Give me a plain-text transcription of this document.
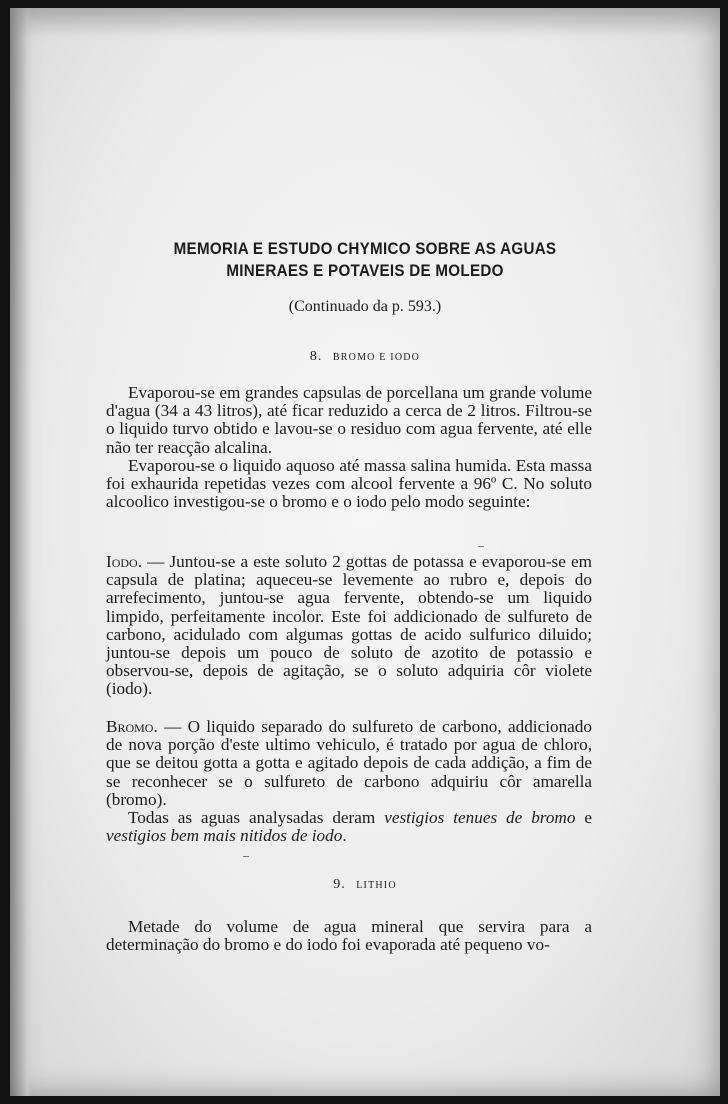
MEMORIA E ESTUDO CHYMICO SOBRE AS AGUAS
MINERAES E POTAVEIS DE MOLEDO
(Continuado da p. 593.)
8. BROMO E IODO

Evaporou-se em grandes capsulas de porcellana um grande volume d'agua (34 a 43 litros), até ficar reduzido a cerca de 2 litros. Filtrou-se o liquido turvo obtido e lavou-se o residuo com agua fervente, até elle não ter reacção alcalina.

Evaporou-se o liquido aquoso até massa salina humida. Esta massa foi exhaurida repetidas vezes com alcool fervente a 96º C. No soluto alcoolico investigou-se o bromo e o iodo pelo modo seguinte:

Iodo. — Juntou-se a este soluto 2 gottas de potassa e evaporou-se em capsula de platina; aqueceu-se levemente ao rubro e, depois do arrefecimento, juntou-se agua fervente, obtendo-se um liquido limpido, perfeitamente incolor. Este foi addicionado de sulfureto de carbono, acidulado com algumas gottas de acido sulfurico diluido; juntou-se depois um pouco de soluto de azotito de potassio e observou-se, depois de agitação, se o soluto adquiria côr violete (iodo).

Bromo. — O liquido separado do sulfureto de carbono, addicionado de nova porção d'este ultimo vehiculo, é tratado por agua de chloro, que se deitou gotta a gotta e agitado depois de cada addição, a fim de se reconhecer se o sulfureto de carbono adquiriu côr amarella (bromo).

Todas as aguas analysadas deram vestigios tenues de bromo e vestigios bem mais nitidos de iodo.

9. LITHIO

Metade do volume de agua mineral que servira para a determinação do bromo e do iodo foi evaporada até pequeno vo-
